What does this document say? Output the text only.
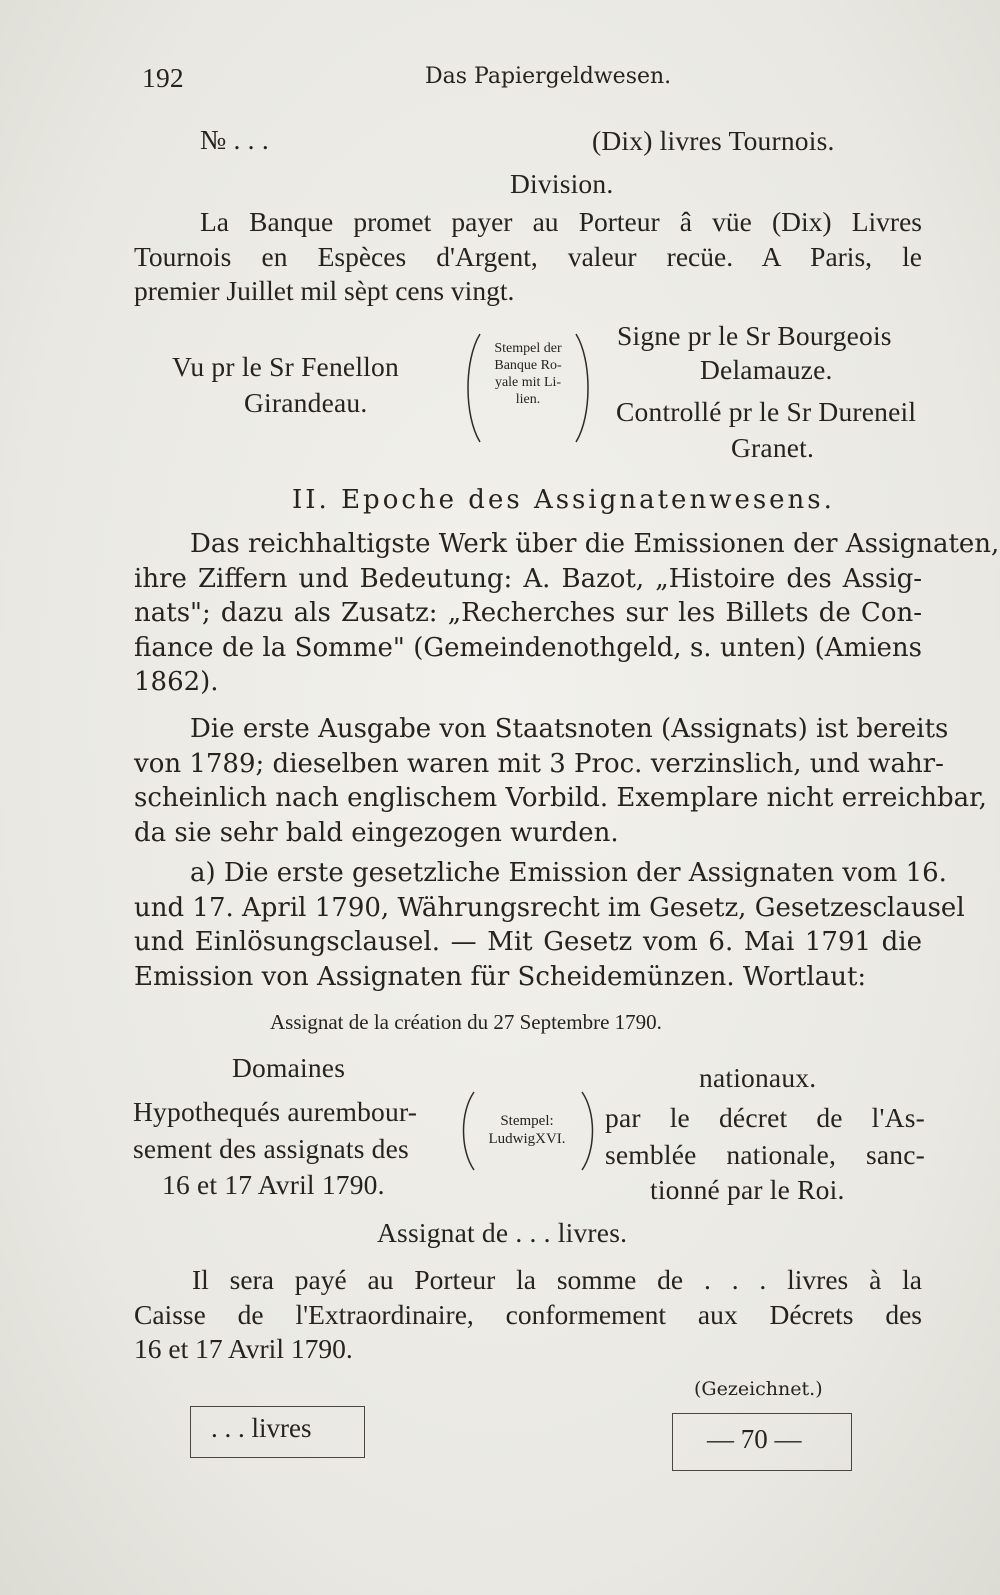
192	Das Papiergeldwesen.
№ . . .	(Dix) livres Tournois.
Division.
La Banque promet payer au Porteur â vüe (Dix) Livres
Tournois en Espèces d'Argent, valeur recüe. A Paris, le
premier Juillet mil sèpt cens vingt.
Vu pr le Sr Fenellon
Girandeau.
Stempel der
Banque Ro-
yale mit Li-
lien.
Signe pr le Sr Bourgeois
Delamauze.
Controllé pr le Sr Dureneil
Granet.
II. Epoche des Assignatenwesens.
Das reichhaltigste Werk über die Emissionen der Assignaten,
ihre Ziffern und Bedeutung: A. Bazot, „Histoire des Assig-
nats"; dazu als Zusatz: „Recherches sur les Billets de Con-
fiance de la Somme" (Gemeindenothgeld, s. unten) (Amiens
1862).
Die erste Ausgabe von Staatsnoten (Assignats) ist bereits
von 1789; dieselben waren mit 3 Proc. verzinslich, und wahr-
scheinlich nach englischem Vorbild. Exemplare nicht erreichbar,
da sie sehr bald eingezogen wurden.
a) Die erste gesetzliche Emission der Assignaten vom 16.
und 17. April 1790, Währungsrecht im Gesetz, Gesetzesclausel
und Einlösungsclausel. — Mit Gesetz vom 6. Mai 1791 die
Emission von Assignaten für Scheidemünzen. Wortlaut:
Assignat de la création du 27 Septembre 1790.
Domaines	nationaux.
Hypothequés aurembour-
sement des assignats des
16 et 17 Avril 1790.
Stempel:
LudwigXVI.
par le décret de l'As-
semblée nationale, sanc-
tionné par le Roi.
Assignat de . . . livres.
Il sera payé au Porteur la somme de . . . livres à la
Caisse de l'Extraordinaire, conformement aux Décrets des
16 et 17 Avril 1790.
(Gezeichnet.)
. . . livres	— 70 —
